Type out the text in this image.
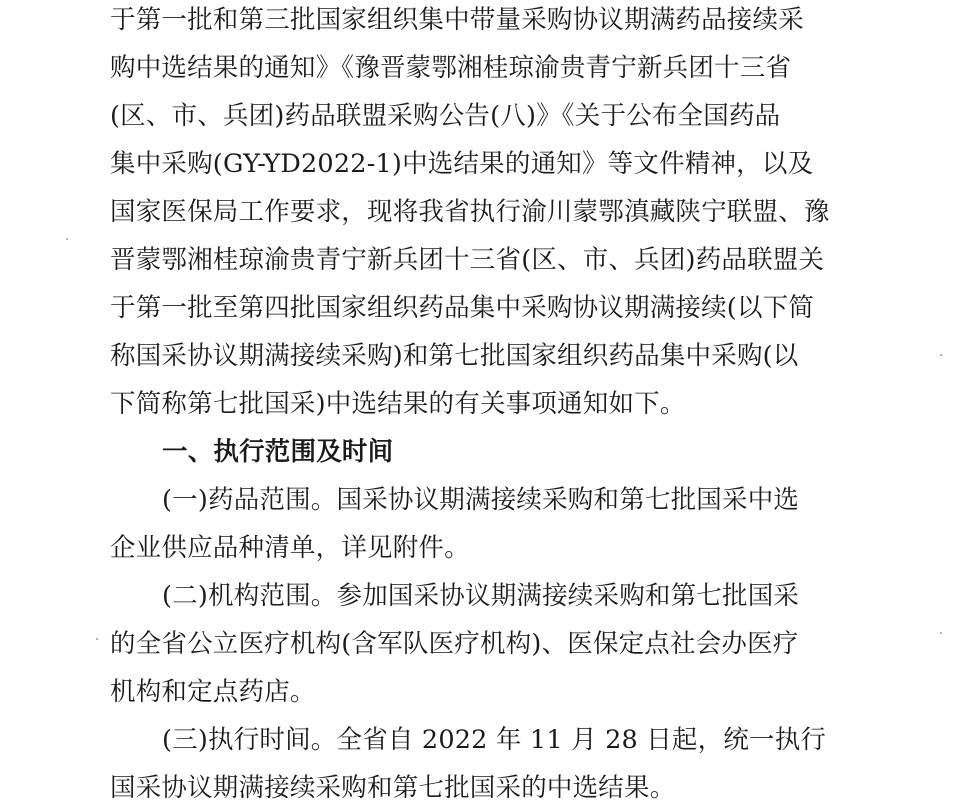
于第一批和第三批国家组织集中带量采购协议期满药品接续采
购中选结果的通知》《豫晋蒙鄂湘桂琼渝贵青宁新兵团十三省
(区、市、兵团)药品联盟采购公告(八)》《关于公布全国药品
集中采购(GY-YD2022-1)中选结果的通知》等文件精神，以及
国家医保局工作要求，现将我省执行渝川蒙鄂滇藏陕宁联盟、豫
晋蒙鄂湘桂琼渝贵青宁新兵团十三省(区、市、兵团)药品联盟关
于第一批至第四批国家组织药品集中采购协议期满接续(以下简
称国采协议期满接续采购)和第七批国家组织药品集中采购(以
下简称第七批国采)中选结果的有关事项通知如下。
一、执行范围及时间
(一)药品范围。国采协议期满接续采购和第七批国采中选
企业供应品种清单，详见附件。
(二)机构范围。参加国采协议期满接续采购和第七批国采
的全省公立医疗机构(含军队医疗机构)、医保定点社会办医疗
机构和定点药店。
(三)执行时间。全省自 2022 年 11 月 28 日起，统一执行
国采协议期满接续采购和第七批国采的中选结果。
